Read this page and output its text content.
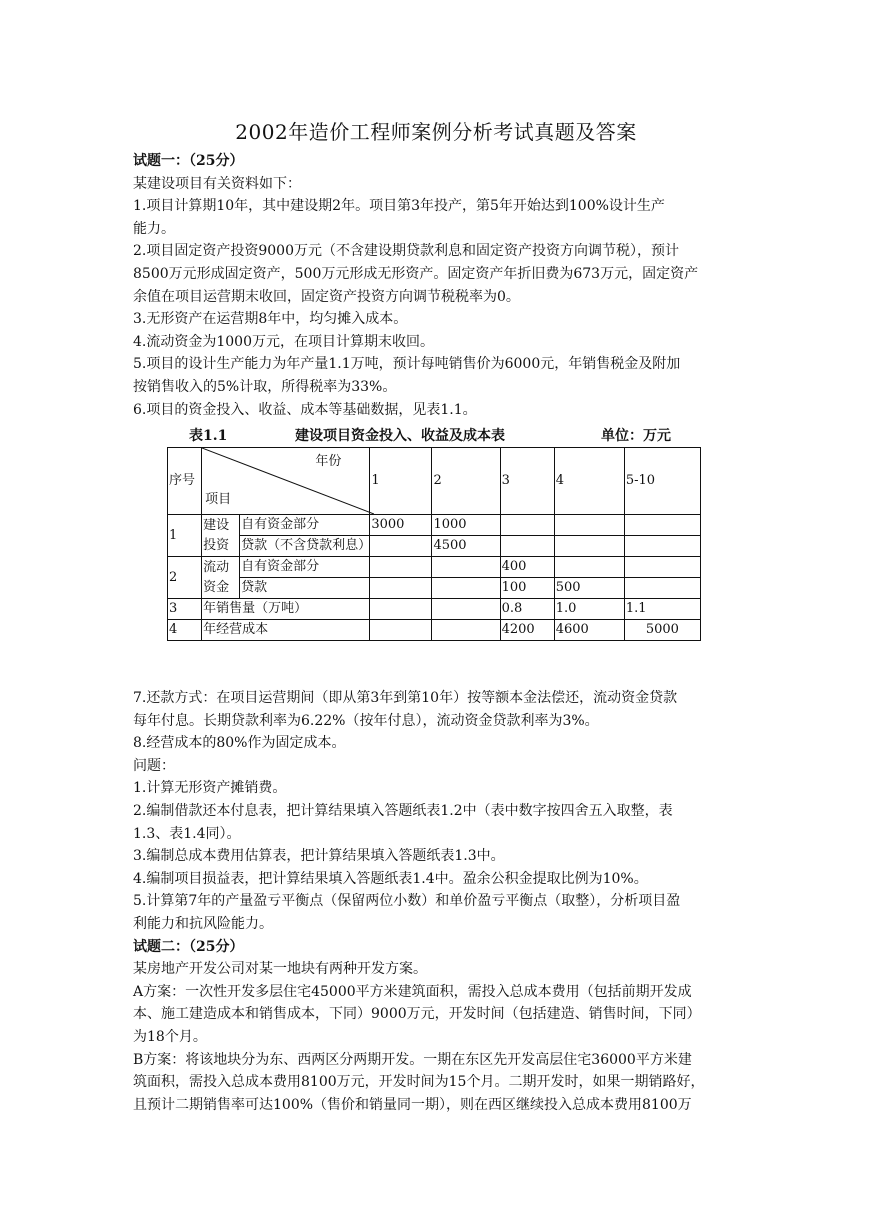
2002年造价工程师案例分析考试真题及答案
试题一：（25分）
某建设项目有关资料如下：
1.项目计算期10年，其中建设期2年。项目第3年投产，第5年开始达到100%设计生产
能力。
2.项目固定资产投资9000万元（不含建设期贷款利息和固定资产投资方向调节税），预计
8500万元形成固定资产，500万元形成无形资产。固定资产年折旧费为673万元，固定资产
余值在项目运营期末收回，固定资产投资方向调节税税率为0。
3.无形资产在运营期8年中，均匀摊入成本。
4.流动资金为1000万元，在项目计算期末收回。
5.项目的设计生产能力为年产量1.1万吨，预计每吨销售价为6000元，年销售税金及附加
按销售收入的5%计取，所得税率为33%。
6.项目的资金投入、收益、成本等基础数据，见表1.1。
表1.1	建设项目资金投入、收益及成本表	单位：万元
序号	年份
项目		1	2	3	4	5-10
1	建设投资	自有资金部分	3000	1000			
		贷款（不含贷款利息）		4500			
2	流动资金	自有资金部分			400		
		贷款			100	500	
3	年销售量（万吨）				0.8	1.0	1.1
4	年经营成本				4200	4600	5000
7.还款方式：在项目运营期间（即从第3年到第10年）按等额本金法偿还，流动资金贷款
每年付息。长期贷款利率为6.22%（按年付息），流动资金贷款利率为3%。
8.经营成本的80%作为固定成本。
问题：
1.计算无形资产摊销费。
2.编制借款还本付息表，把计算结果填入答题纸表1.2中（表中数字按四舍五入取整，表
1.3、表1.4同）。
3.编制总成本费用估算表，把计算结果填入答题纸表1.3中。
4.编制项目损益表，把计算结果填入答题纸表1.4中。盈余公积金提取比例为10%。
5.计算第7年的产量盈亏平衡点（保留两位小数）和单价盈亏平衡点（取整），分析项目盈
利能力和抗风险能力。
试题二：（25分）
某房地产开发公司对某一地块有两种开发方案。
A方案：一次性开发多层住宅45000平方米建筑面积，需投入总成本费用（包括前期开发成
本、施工建造成本和销售成本，下同）9000万元，开发时间（包括建造、销售时间，下同）
为18个月。
B方案：将该地块分为东、西两区分两期开发。一期在东区先开发高层住宅36000平方米建
筑面积，需投入总成本费用8100万元，开发时间为15个月。二期开发时，如果一期销路好，
且预计二期销售率可达100%（售价和销量同一期），则在西区继续投入总成本费用8100万
